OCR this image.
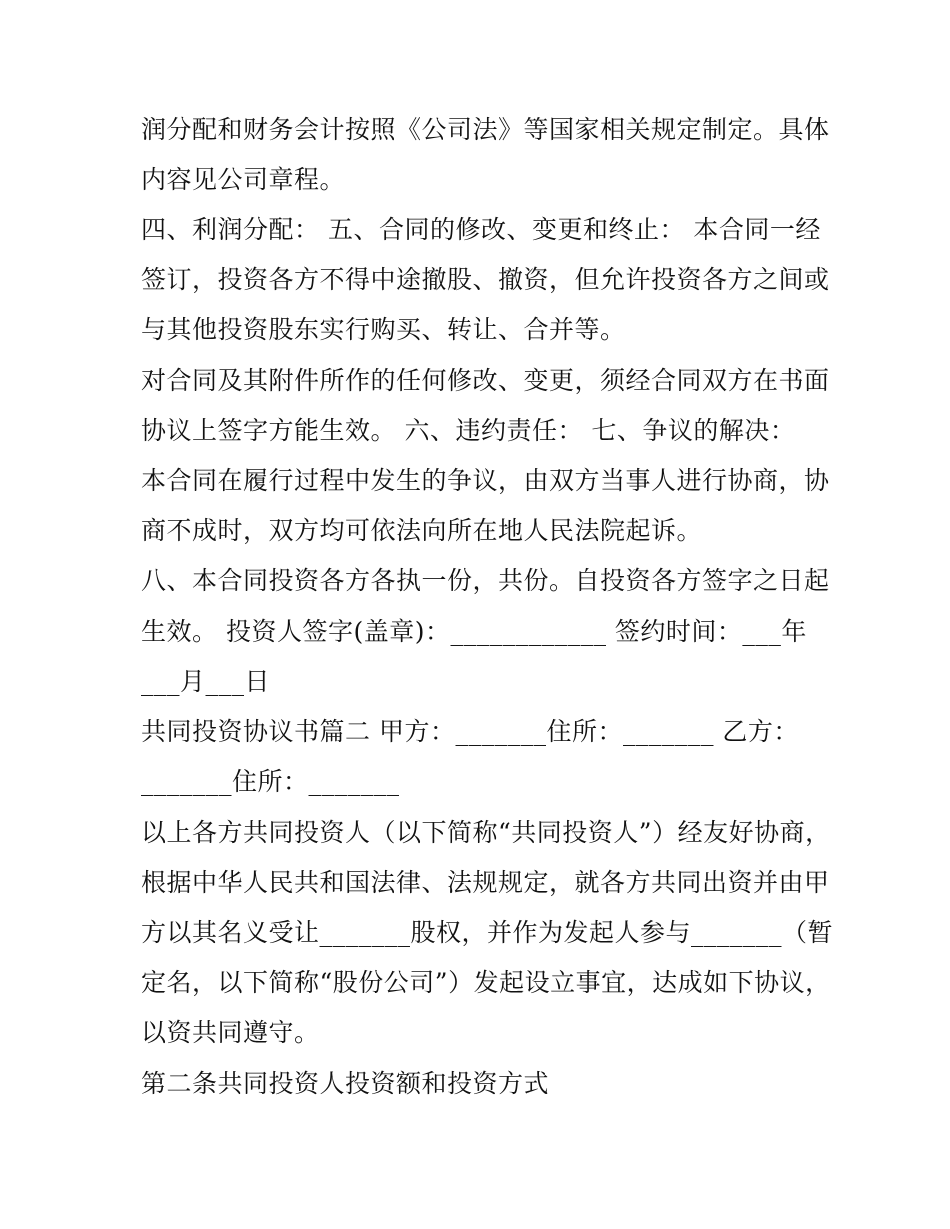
润分配和财务会计按照《公司法》等国家相关规定制定。具体
内容见公司章程。
四、利润分配： 五、合同的修改、变更和终止： 本合同一经
签订，投资各方不得中途撤股、撤资，但允许投资各方之间或
与其他投资股东实行购买、转让、合并等。
对合同及其附件所作的任何修改、变更，须经合同双方在书面
协议上签字方能生效。 六、违约责任： 七、争议的解决：
本合同在履行过程中发生的争议，由双方当事人进行协商，协
商不成时，双方均可依法向所在地人民法院起诉。
八、本合同投资各方各执一份，共份。自投资各方签字之日起
生效。 投资人签字(盖章)：____________ 签约时间：___年
___月___日
共同投资协议书篇二 甲方：_______住所：_______ 乙方：
_______住所：_______
以上各方共同投资人（以下简称“共同投资人”）经友好协商，
根据中华人民共和国法律、法规规定，就各方共同出资并由甲
方以其名义受让_______股权，并作为发起人参与_______（暂
定名，以下简称“股份公司”）发起设立事宜，达成如下协议，
以资共同遵守。
第二条共同投资人投资额和投资方式
